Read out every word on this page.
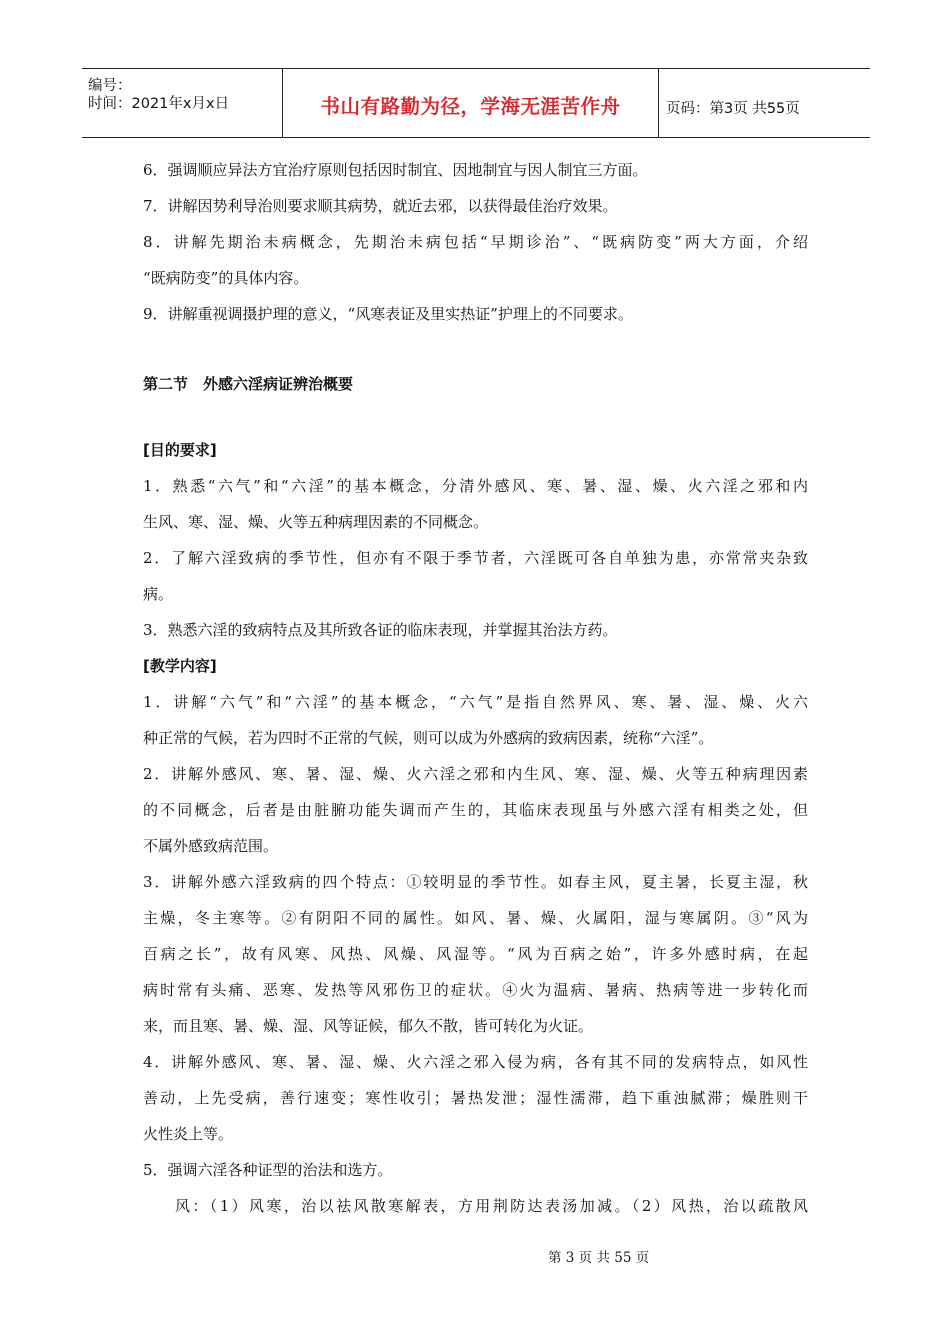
编号：
时间：2021年x月x日	书山有路勤为径，学海无涯苦作舟	页码：第3页 共55页
6．强调顺应异法方宜治疗原则包括因时制宜、因地制宜与因人制宜三方面。
7．讲解因势利导治则要求顺其病势，就近去邪，以获得最佳治疗效果。
8．讲解先期治未病概念，先期治未病包括“早期诊治”、“既病防变”两大方面，介绍
“既病防变”的具体内容。
9．讲解重视调摄护理的意义，“风寒表证及里实热证”护理上的不同要求。
第二节　外感六淫病证辨治概要
[目的要求]
1．熟悉“六气”和“六淫”的基本概念，分清外感风、寒、暑、湿、燥、火六淫之邪和内
生风、寒、湿、燥、火等五种病理因素的不同概念。
2．了解六淫致病的季节性，但亦有不限于季节者，六淫既可各自单独为患，亦常常夹杂致
病。
3．熟悉六淫的致病特点及其所致各证的临床表现，并掌握其治法方药。
[教学内容]
1．讲解“六气”和“六淫”的基本概念，“六气”是指自然界风、寒、暑、湿、燥、火六
种正常的气候，若为四时不正常的气候，则可以成为外感病的致病因素，统称“六淫”。
2．讲解外感风、寒、暑、湿、燥、火六淫之邪和内生风、寒、湿、燥、火等五种病理因素
的不同概念，后者是由脏腑功能失调而产生的，其临床表现虽与外感六淫有相类之处，但
不属外感致病范围。
3．讲解外感六淫致病的四个特点：①较明显的季节性。如春主风，夏主暑，长夏主湿，秋
主燥，冬主寒等。②有阴阳不同的属性。如风、暑、燥、火属阳，湿与寒属阴。③“风为
百病之长”，故有风寒、风热、风燥、风湿等。“风为百病之始”，许多外感时病，在起
病时常有头痛、恶寒、发热等风邪伤卫的症状。④火为温病、暑病、热病等进一步转化而
来，而且寒、暑、燥、湿、风等证候，郁久不散，皆可转化为火证。
4．讲解外感风、寒、暑、湿、燥、火六淫之邪入侵为病，各有其不同的发病特点，如风性
善动，上先受病，善行速变；寒性收引；暑热发泄；湿性濡滞，趋下重浊腻滞；燥胜则干
火性炎上等。
5．强调六淫各种证型的治法和选方。
风：（1）风寒，治以祛风散寒解表，方用荆防达表汤加减。（2）风热，治以疏散风
第 3 页 共 55 页
